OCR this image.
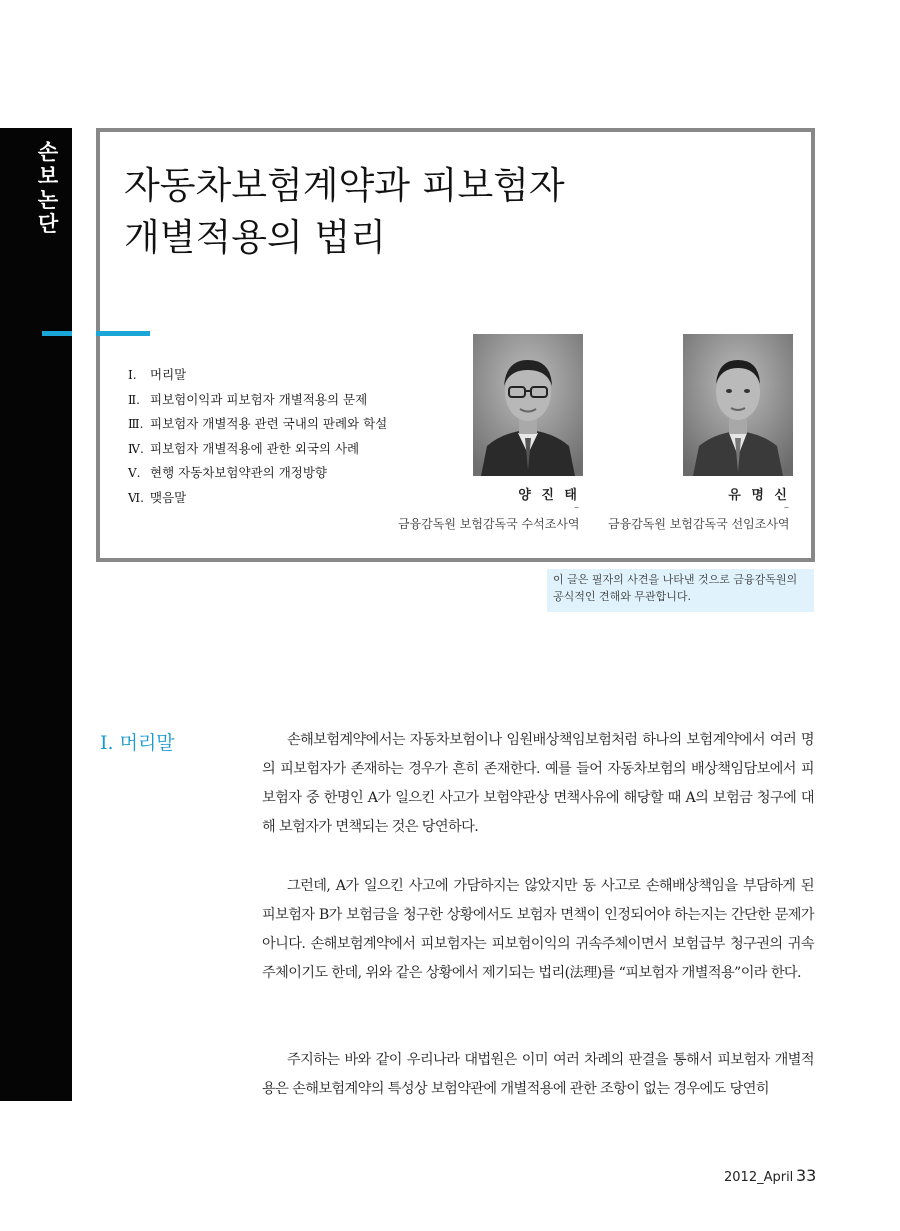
손보논단
자동차보험계약과 피보험자
개별적용의 법리
Ⅰ.	머리말
Ⅱ. 피보험이익과 피보험자 개별적용의 문제
Ⅲ. 피보험자 개별적용 관련 국내의 판례와 학설
Ⅳ. 피보험자 개별적용에 관한 외국의 사례
Ⅴ. 현행 자동차보험약관의 개정방향
Ⅵ. 맺음말	양 진 태
–
금융감독원 보험감독국 수석조사역
유 명 신
–
금융감독원 보험감독국 선임조사역
이 글은 필자의 사견을 나타낸 것으로 금융감독원의
공식적인 견해와 무관합니다.
Ⅰ. 머리말	손해보험계약에서는 자동차보험이나 임원배상책임보험처럼 하나의 보험계약에서 여러 명의 피보험자가 존재하는 경우가 흔히 존재한다. 예를 들어 자동차보험의 배상책임담보에서 피보험자 중 한명인 A가 일으킨 사고가 보험약관상 면책사유에 해당할 때 A의 보험금 청구에 대해 보험자가 면책되는 것은 당연하다.

그런데, A가 일으킨 사고에 가담하지는 않았지만 동 사고로 손해배상책임을 부담하게 된 피보험자 B가 보험금을 청구한 상황에서도 보험자 면책이 인정되어야 하는지는 간단한 문제가 아니다. 손해보험계약에서 피보험자는 피보험이익의 귀속주체이면서 보험급부 청구권의 귀속주체이기도 한데, 위와 같은 상황에서 제기되는 법리(法理)를 “피보험자 개별적용”이라 한다.

주지하는 바와 같이 우리나라 대법원은 이미 여러 차례의 판결을 통해서 피보험자 개별적용은 손해보험계약의 특성상 보험약관에 개별적용에 관한 조항이 없는 경우에도 당연히

2012_April 33
